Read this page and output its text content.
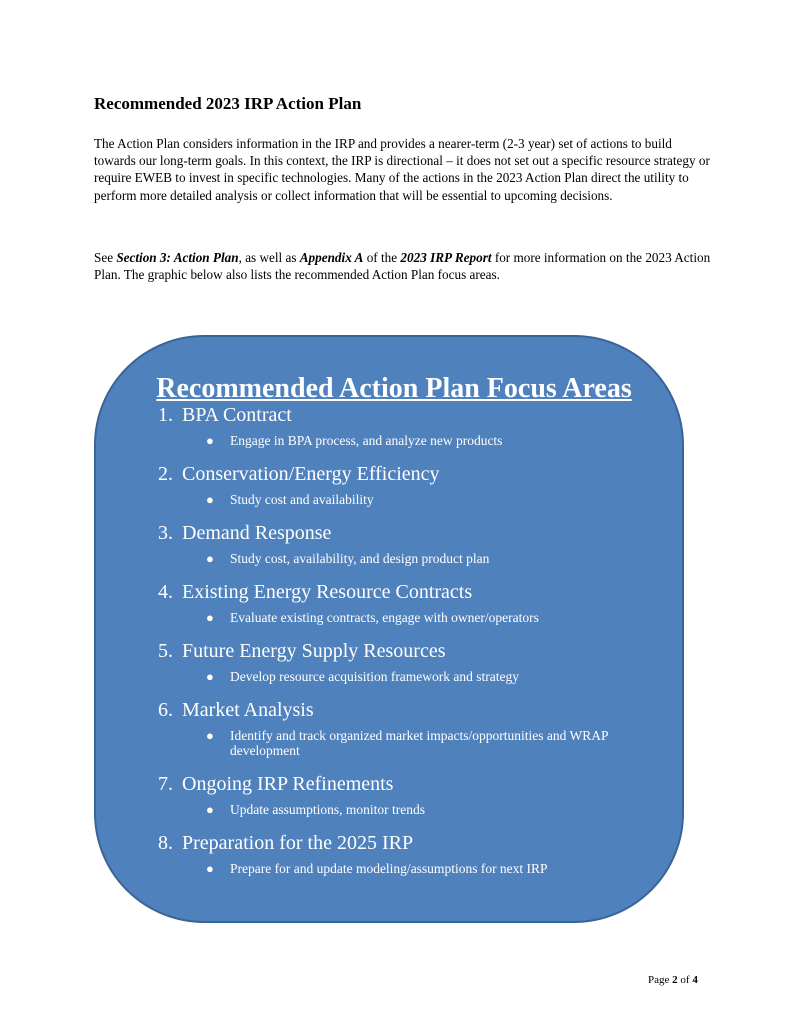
Recommended 2023 IRP Action Plan

The Action Plan considers information in the IRP and provides a nearer-term (2-3 year) set of actions to build towards our long-term goals. In this context, the IRP is directional – it does not set out a specific resource strategy or require EWEB to invest in specific technologies. Many of the actions in the 2023 Action Plan direct the utility to perform more detailed analysis or collect information that will be essential to upcoming decisions.

See Section 3: Action Plan, as well as Appendix A of the 2023 IRP Report for more information on the 2023 Action Plan. The graphic below also lists the recommended Action Plan focus areas.

Recommended Action Plan Focus Areas
1. BPA Contract
● Engage in BPA process, and analyze new products
2. Conservation/Energy Efficiency
● Study cost and availability
3. Demand Response
● Study cost, availability, and design product plan
4. Existing Energy Resource Contracts
● Evaluate existing contracts, engage with owner/operators
5. Future Energy Supply Resources
● Develop resource acquisition framework and strategy
6. Market Analysis
● Identify and track organized market impacts/opportunities and WRAP development
7. Ongoing IRP Refinements
● Update assumptions, monitor trends
8. Preparation for the 2025 IRP
● Prepare for and update modeling/assumptions for next IRP
Page 2 of 4
